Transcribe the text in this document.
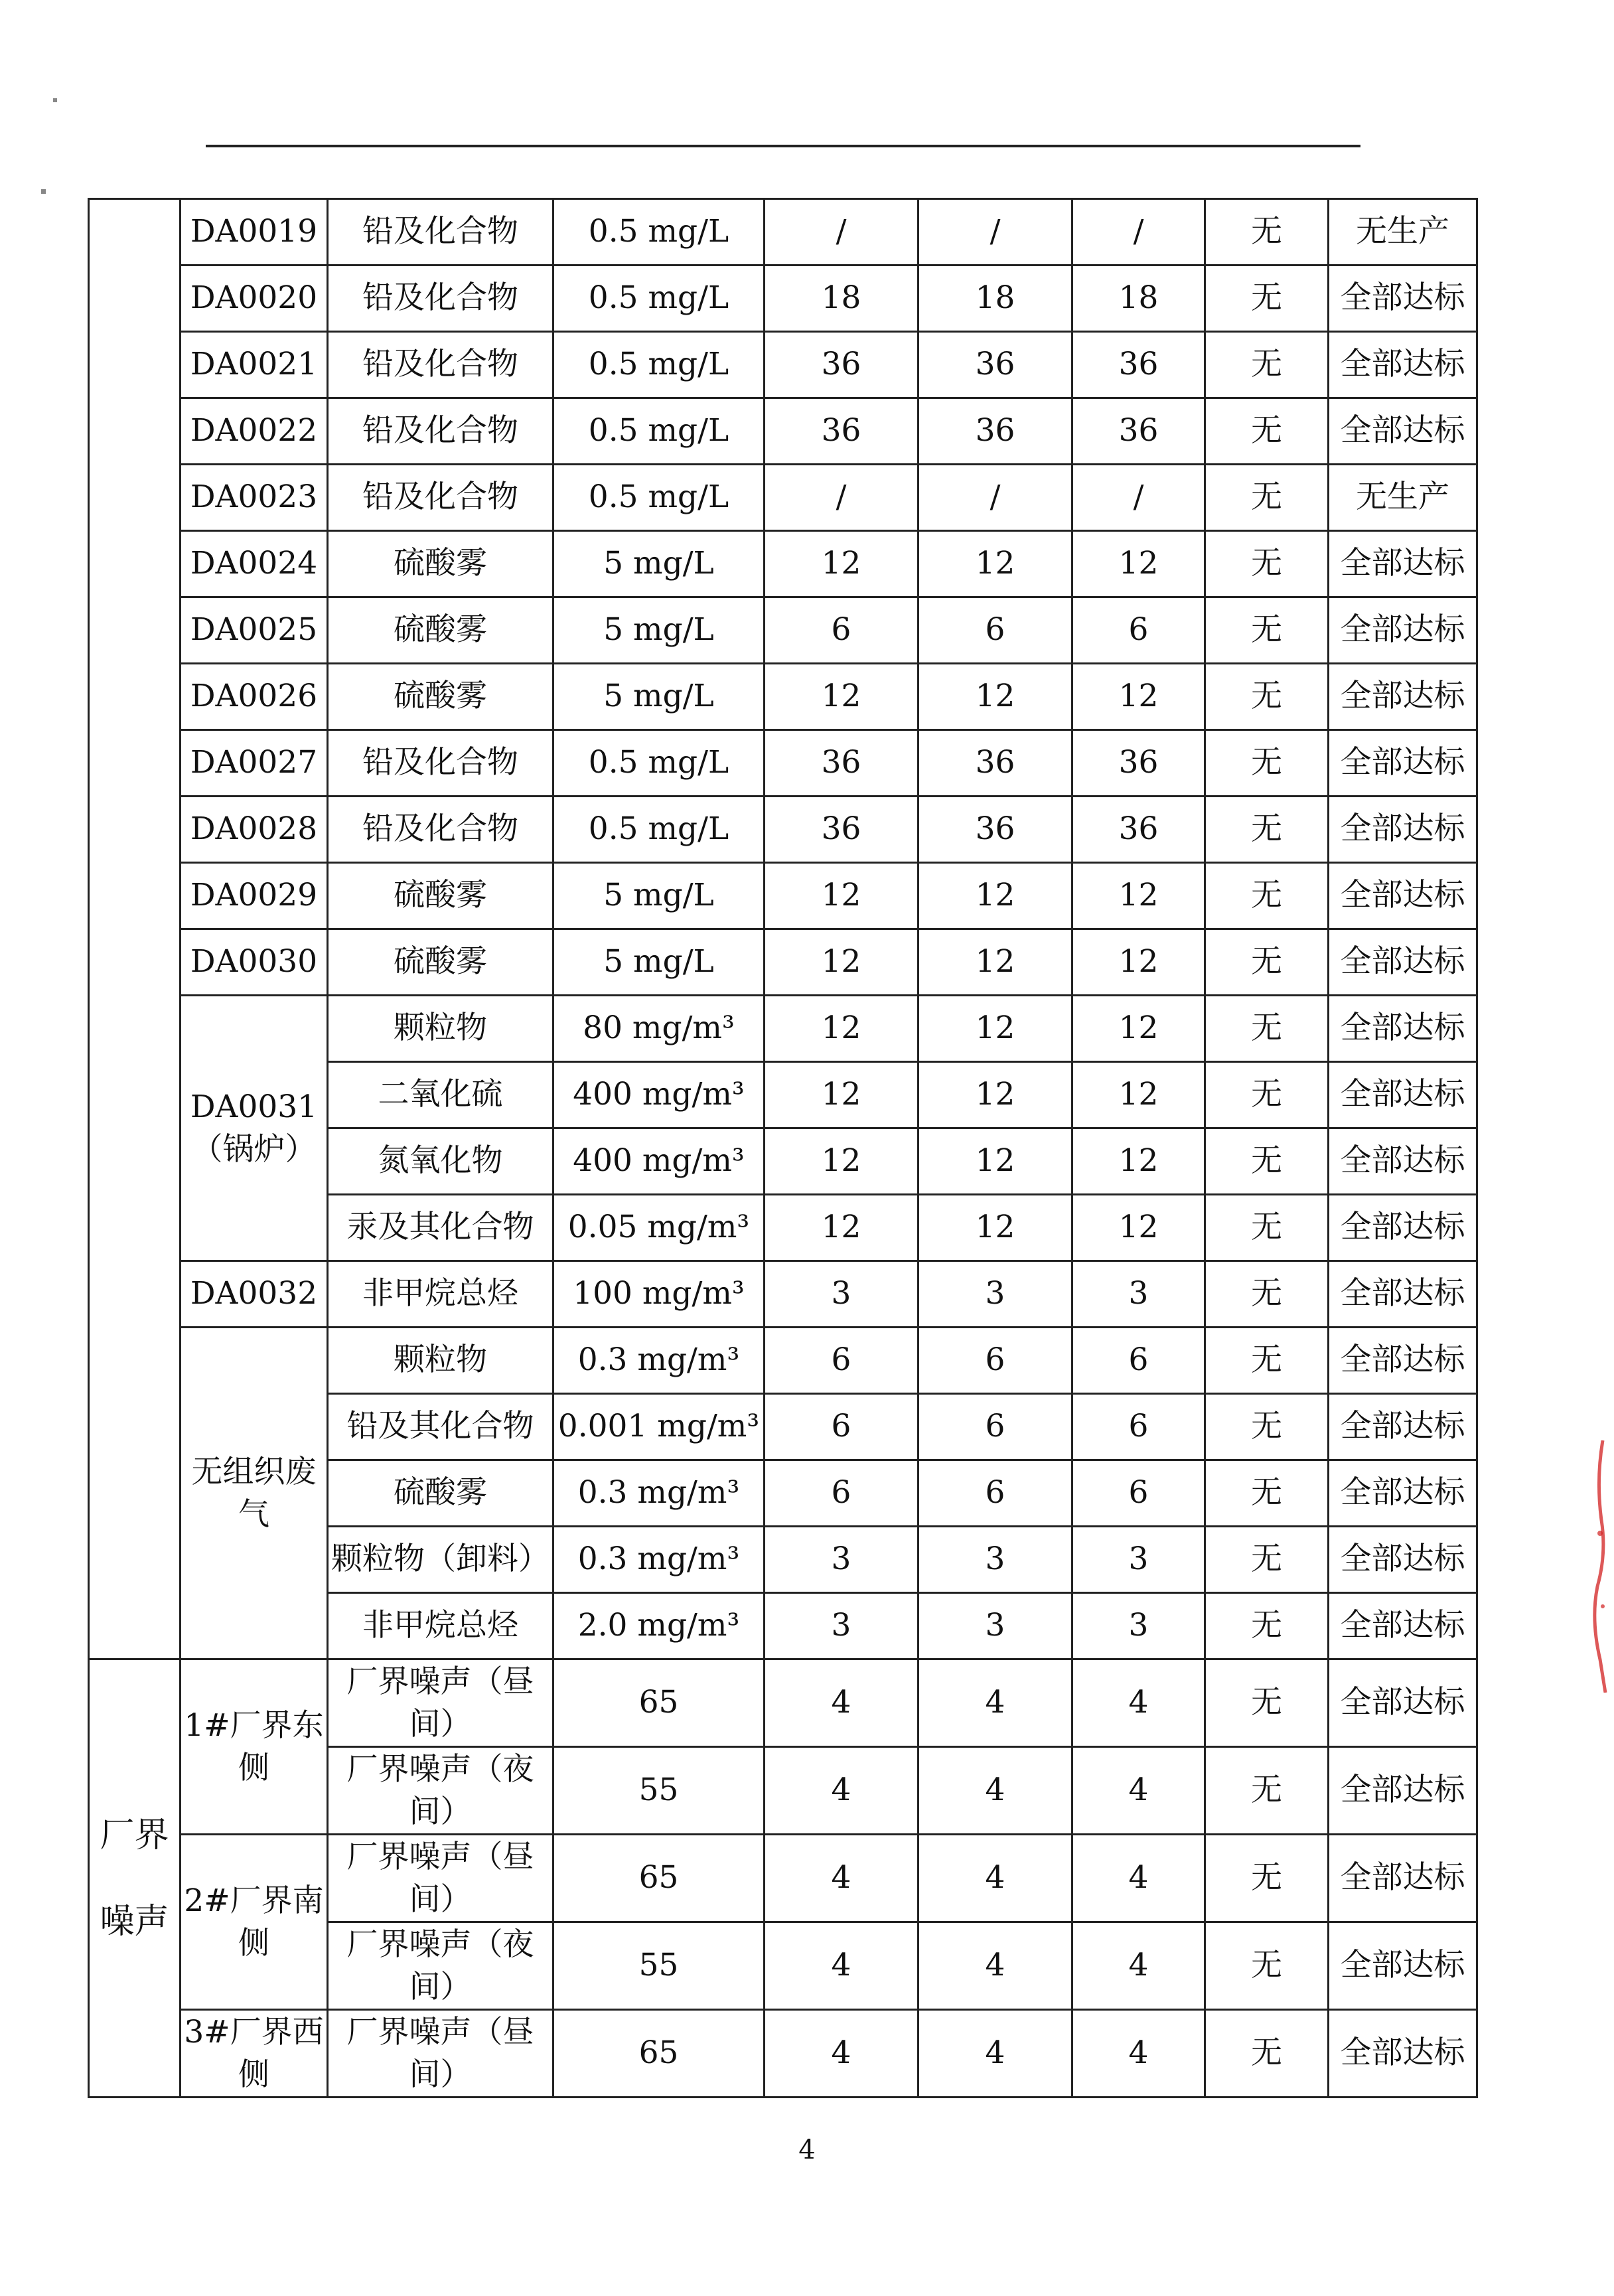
	DA0019	铅及化合物	0.5 mg/L	/	/	/	无	无生产
	DA0020	铅及化合物	0.5 mg/L	18	18	18	无	全部达标
	DA0021	铅及化合物	0.5 mg/L	36	36	36	无	全部达标
	DA0022	铅及化合物	0.5 mg/L	36	36	36	无	全部达标
	DA0023	铅及化合物	0.5 mg/L	/	/	/	无	无生产
	DA0024	硫酸雾	5 mg/L	12	12	12	无	全部达标
	DA0025	硫酸雾	5 mg/L	6	6	6	无	全部达标
	DA0026	硫酸雾	5 mg/L	12	12	12	无	全部达标
	DA0027	铅及化合物	0.5 mg/L	36	36	36	无	全部达标
	DA0028	铅及化合物	0.5 mg/L	36	36	36	无	全部达标
	DA0029	硫酸雾	5 mg/L	12	12	12	无	全部达标
	DA0030	硫酸雾	5 mg/L	12	12	12	无	全部达标
	DA0031（锅炉）	颗粒物	80 mg/m³	12	12	12	无	全部达标
		二氧化硫	400 mg/m³	12	12	12	无	全部达标
		氮氧化物	400 mg/m³	12	12	12	无	全部达标
		汞及其化合物	0.05 mg/m³	12	12	12	无	全部达标
	DA0032	非甲烷总烃	100 mg/m³	3	3	3	无	全部达标
	无组织废气	颗粒物	0.3 mg/m³	6	6	6	无	全部达标
		铅及其化合物	0.001 mg/m³	6	6	6	无	全部达标
		硫酸雾	0.3 mg/m³	6	6	6	无	全部达标
		颗粒物（卸料）	0.3 mg/m³	3	3	3	无	全部达标
		非甲烷总烃	2.0 mg/m³	3	3	3	无	全部达标
厂界噪声	1#厂界东侧	厂界噪声（昼间）	65	4	4	4	无	全部达标
		厂界噪声（夜间）	55	4	4	4	无	全部达标
	2#厂界南侧	厂界噪声（昼间）	65	4	4	4	无	全部达标
		厂界噪声（夜间）	55	4	4	4	无	全部达标
	3#厂界西侧	厂界噪声（昼间）	65	4	4	4	无	全部达标
4
